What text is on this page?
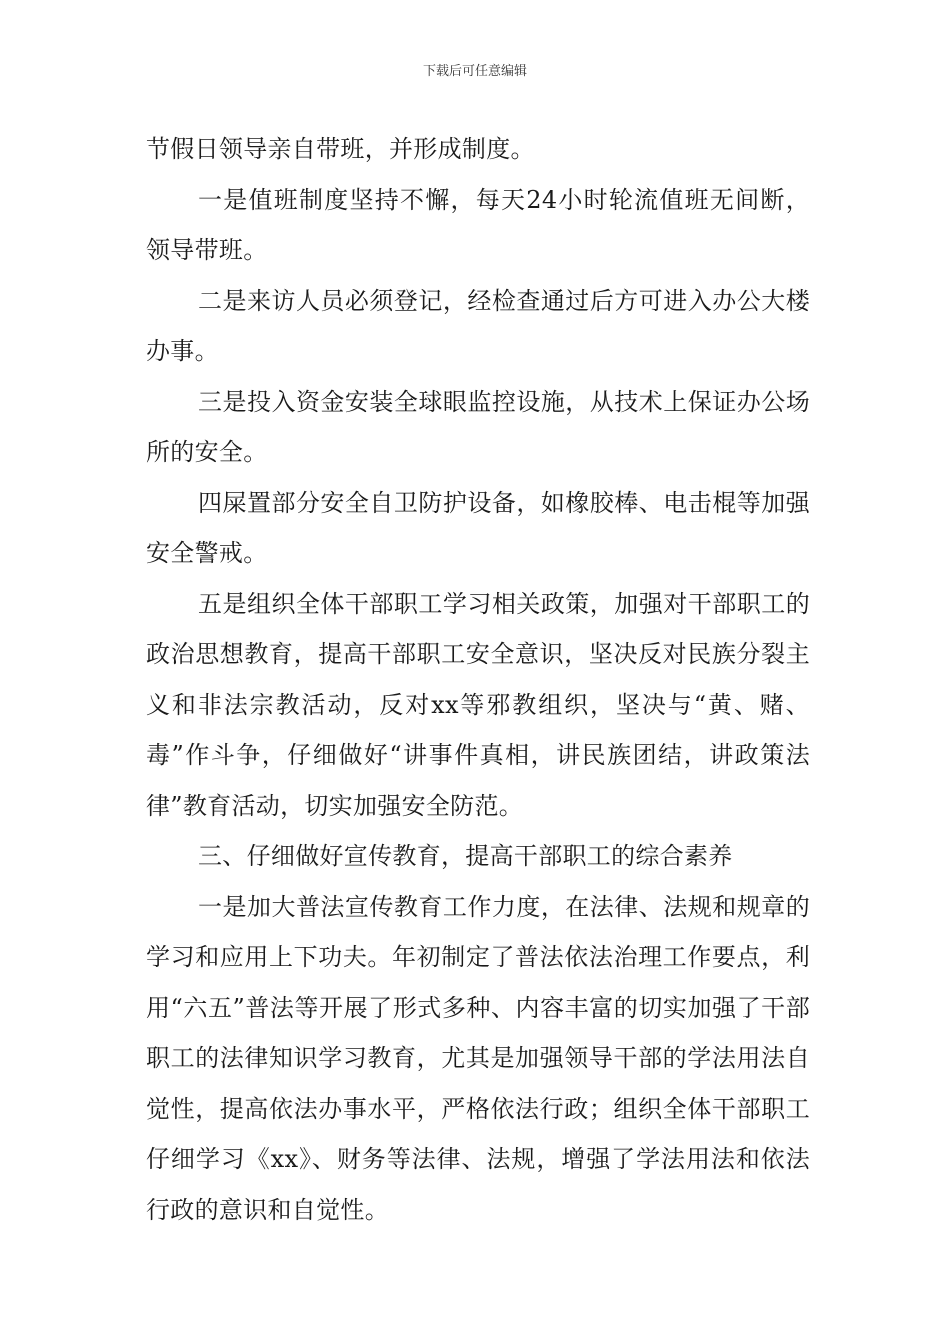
下载后可任意编辑

节假日领导亲自带班，并形成制度。

一是值班制度坚持不懈，每天24小时轮流值班无间断，领导带班。

二是来访人员必须登记，经检查通过后方可进入办公大楼办事。

三是投入资金安装全球眼监控设施，从技术上保证办公场所的安全。

四屎置部分安全自卫防护设备，如橡胶棒、电击棍等加强安全警戒。

五是组织全体干部职工学习相关政策，加强对干部职工的政治思想教育，提高干部职工安全意识，坚决反对民族分裂主义和非法宗教活动，反对xx等邪教组织，坚决与“黄、赌、毒”作斗争，仔细做好“讲事件真相，讲民族团结，讲政策法律”教育活动，切实加强安全防范。

三、仔细做好宣传教育，提高干部职工的综合素养

一是加大普法宣传教育工作力度，在法律、法规和规章的学习和应用上下功夫。年初制定了普法依法治理工作要点，利用“六五”普法等开展了形式多种、内容丰富的切实加强了干部职工的法律知识学习教育，尤其是加强领导干部的学法用法自觉性，提高依法办事水平，严格依法行政；组织全体干部职工仔细学习《xx》、财务等法律、法规，增强了学法用法和依法行政的意识和自觉性。
